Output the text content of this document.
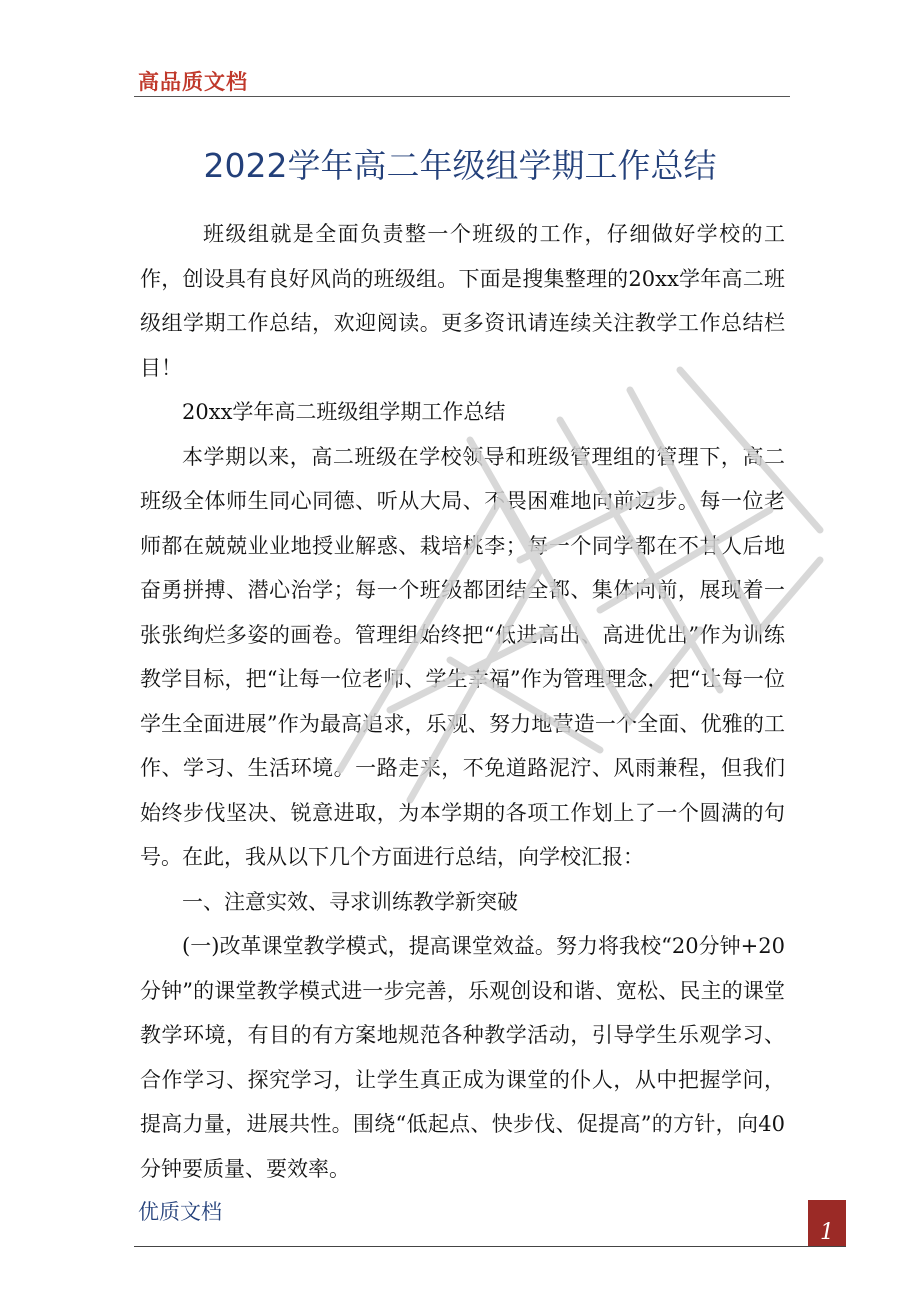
高品质文档
2022学年高二年级组学期工作总结

班级组就是全面负责整一个班级的工作，仔细做好学校的工作，创设具有良好风尚的班级组。下面是搜集整理的20xx学年高二班级组学期工作总结，欢迎阅读。更多资讯请连续关注教学工作总结栏目！

20xx学年高二班级组学期工作总结

本学期以来，高二班级在学校领导和班级管理组的管理下，高二班级全体师生同心同德、听从大局、不畏困难地向前迈步。每一位老师都在兢兢业业地授业解惑、栽培桃李；每一个同学都在不甘人后地奋勇拼搏、潜心治学；每一个班级都团结全都、集体向前，展现着一张张绚烂多姿的画卷。管理组始终把“低进高出、高进优出”作为训练教学目标，把“让每一位老师、学生幸福”作为管理理念，把“让每一位学生全面进展”作为最高追求，乐观、努力地营造一个全面、优雅的工作、学习、生活环境。一路走来，不免道路泥泞、风雨兼程，但我们始终步伐坚决、锐意进取，为本学期的各项工作划上了一个圆满的句号。在此，我从以下几个方面进行总结，向学校汇报：

一、注意实效、寻求训练教学新突破

(一)改革课堂教学模式，提高课堂效益。努力将我校“20分钟+20分钟”的课堂教学模式进一步完善，乐观创设和谐、宽松、民主的课堂教学环境，有目的有方案地规范各种教学活动，引导学生乐观学习、合作学习、探究学习，让学生真正成为课堂的仆人，从中把握学问，提高力量，进展共性。围绕“低起点、快步伐、促提高”的方针，向40分钟要质量、要效率。

优质文档
1
